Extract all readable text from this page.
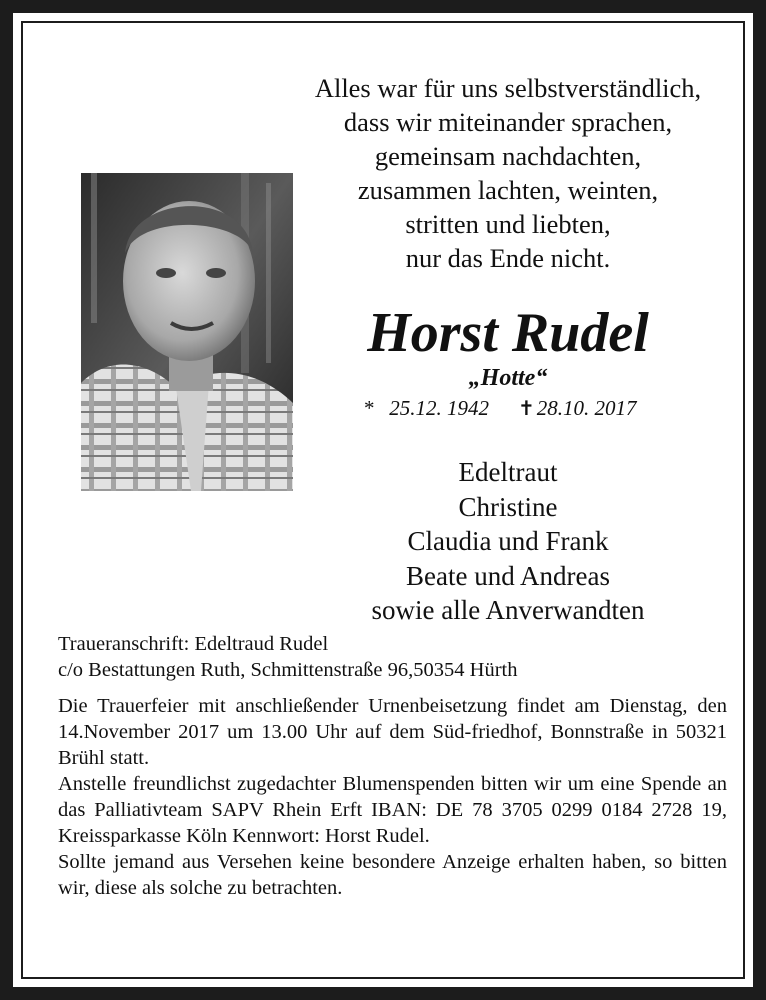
Alles war für uns selbstverständlich,
dass wir miteinander sprachen,
gemeinsam nachdachten,
zusammen lachten, weinten,
stritten und liebten,
nur das Ende nicht.
Horst Rudel
„Hotte“
* 25.12. 1942 ✝28.10. 2017
Edeltraut
Christine
Claudia und Frank
Beate und Andreas
sowie alle Anverwandten
Traueranschrift: Edeltraud Rudel
c/o Bestattungen Ruth, Schmittenstraße 96,50354 Hürth

Die Trauerfeier mit anschließender Urnenbeisetzung findet am Dienstag, den 14.November 2017 um 13.00 Uhr auf dem Süd-friedhof, Bonnstraße in 50321 Brühl statt.

Anstelle freundlichst zugedachter Blumenspenden bitten wir um eine Spende an das Palliativteam SAPV Rhein Erft IBAN: DE 78 3705 0299 0184 2728 19, Kreissparkasse Köln Kennwort: Horst Rudel.

Sollte jemand aus Versehen keine besondere Anzeige erhalten haben, so bitten wir, diese als solche zu betrachten.
